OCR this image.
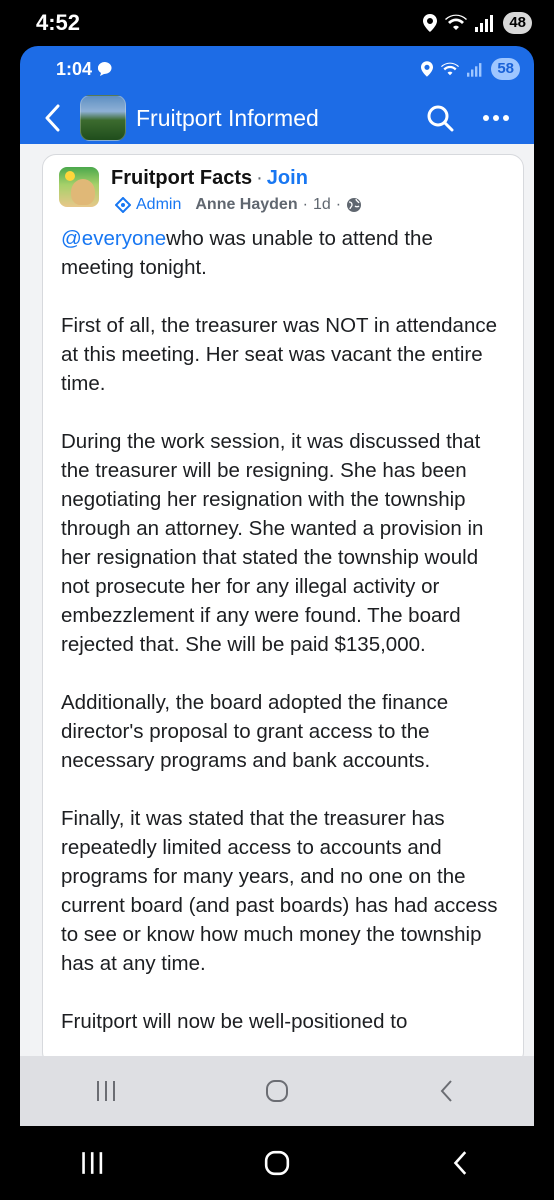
4:52	48
1:04	58
Fruitport Informed
Fruitport Facts · Join
Admin Anne Hayden · 1d ·

@everyonewho was unable to attend the meeting tonight.

First of all, the treasurer was NOT in attendance at this meeting. Her seat was vacant the entire time.

During the work session, it was discussed that the treasurer will be resigning. She has been negotiating her resignation with the township through an attorney. She wanted a provision in her resignation that stated the township would not prosecute her for any illegal activity or embezzlement if any were found. The board rejected that. She will be paid $135,000.

Additionally, the board adopted the finance director's proposal to grant access to the necessary programs and bank accounts.

Finally, it was stated that the treasurer has repeatedly limited access to accounts and programs for many years, and no one on the current board (and past boards) has had access to see or know how much money the township has at any time.

Fruitport will now be well-positioned to
